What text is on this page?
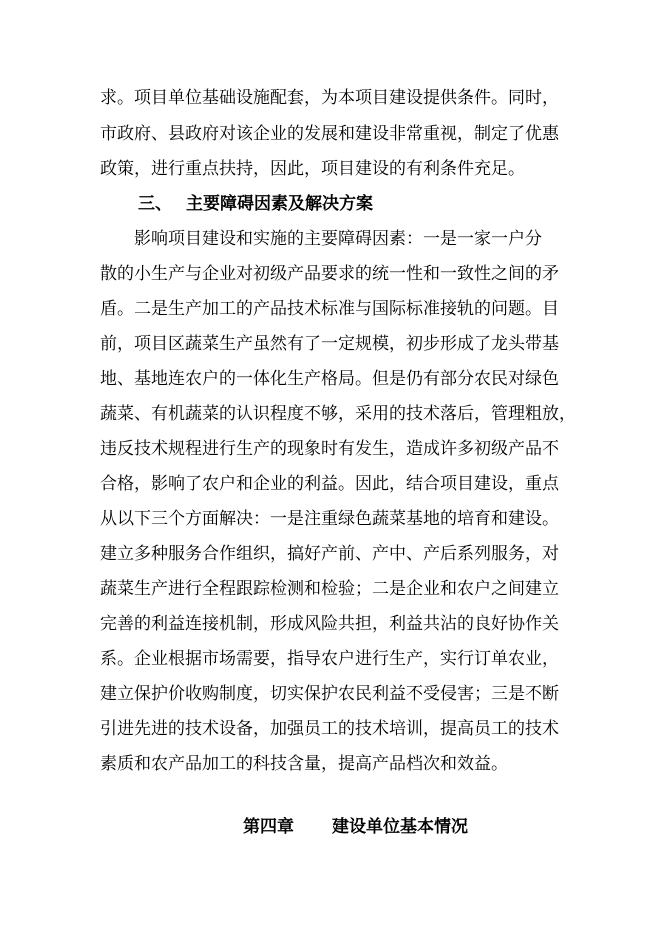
求。项目单位基础设施配套，为本项目建设提供条件。同时，
市政府、县政府对该企业的发展和建设非常重视，制定了优惠
政策，进行重点扶持，因此，项目建设的有利条件充足。
三、 主要障碍因素及解决方案
影响项目建设和实施的主要障碍因素：一是一家一户分
散的小生产与企业对初级产品要求的统一性和一致性之间的矛
盾。二是生产加工的产品技术标准与国际标准接轨的问题。目
前，项目区蔬菜生产虽然有了一定规模，初步形成了龙头带基
地、基地连农户的一体化生产格局。但是仍有部分农民对绿色
蔬菜、有机蔬菜的认识程度不够，采用的技术落后，管理粗放，
违反技术规程进行生产的现象时有发生，造成许多初级产品不
合格，影响了农户和企业的利益。因此，结合项目建设，重点
从以下三个方面解决：一是注重绿色蔬菜基地的培育和建设。
建立多种服务合作组织，搞好产前、产中、产后系列服务，对
蔬菜生产进行全程跟踪检测和检验；二是企业和农户之间建立
完善的利益连接机制，形成风险共担，利益共沾的良好协作关
系。企业根据市场需要，指导农户进行生产，实行订单农业，
建立保护价收购制度，切实保护农民利益不受侵害；三是不断
引进先进的技术设备，加强员工的技术培训，提高员工的技术
素质和农产品加工的科技含量，提高产品档次和效益。
第四章 建设单位基本情况
